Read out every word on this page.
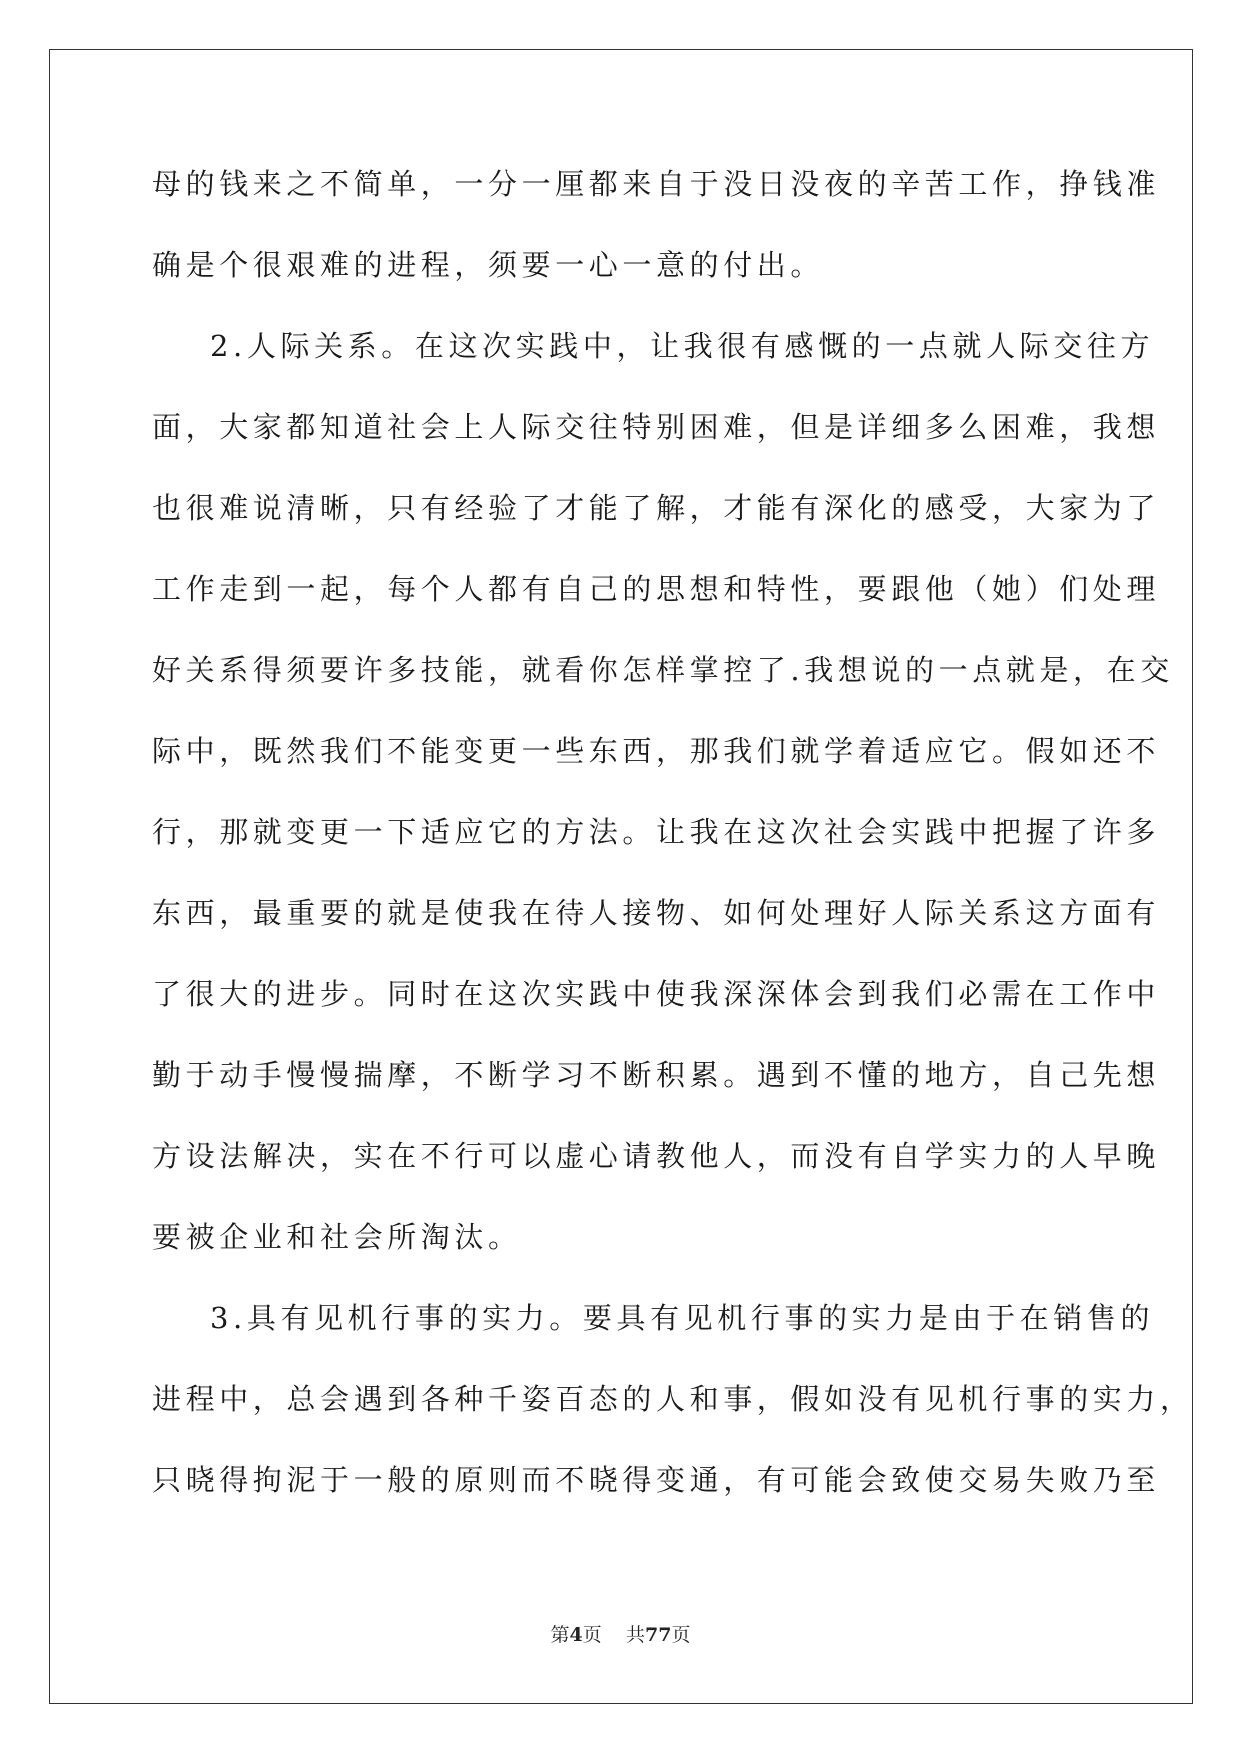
母的钱来之不简单，一分一厘都来自于没日没夜的辛苦工作，挣钱准
确是个很艰难的进程，须要一心一意的付出。
2.人际关系。在这次实践中，让我很有感慨的一点就人际交往方
面，大家都知道社会上人际交往特别困难，但是详细多么困难，我想
也很难说清晰，只有经验了才能了解，才能有深化的感受，大家为了
工作走到一起，每个人都有自己的思想和特性，要跟他（她）们处理
好关系得须要许多技能，就看你怎样掌控了.我想说的一点就是，在交
际中，既然我们不能变更一些东西，那我们就学着适应它。假如还不
行，那就变更一下适应它的方法。让我在这次社会实践中把握了许多
东西，最重要的就是使我在待人接物、如何处理好人际关系这方面有
了很大的进步。同时在这次实践中使我深深体会到我们必需在工作中
勤于动手慢慢揣摩，不断学习不断积累。遇到不懂的地方，自己先想
方设法解决，实在不行可以虚心请教他人，而没有自学实力的人早晚
要被企业和社会所淘汰。
3.具有见机行事的实力。要具有见机行事的实力是由于在销售的
进程中，总会遇到各种千姿百态的人和事，假如没有见机行事的实力，
只晓得拘泥于一般的原则而不晓得变通，有可能会致使交易失败乃至
第4页 共77页
